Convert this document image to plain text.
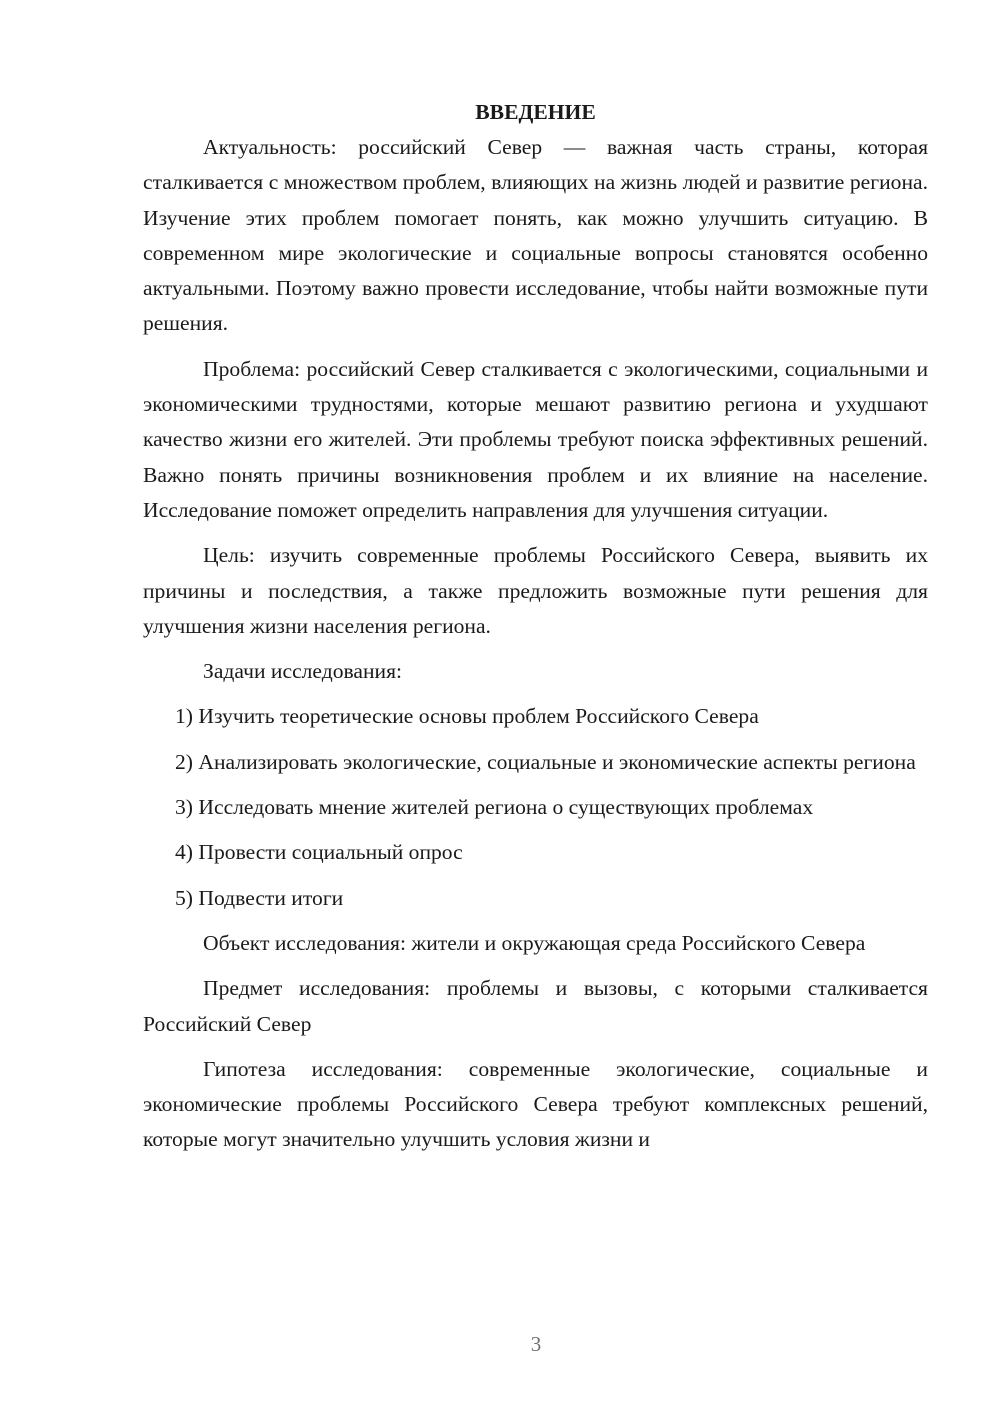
ВВЕДЕНИЕ

Актуальность: российский Север — важная часть страны, которая сталкивается с множеством проблем, влияющих на жизнь людей и развитие региона. Изучение этих проблем помогает понять, как можно улучшить ситуацию. В современном мире экологические и социальные вопросы становятся особенно актуальными. Поэтому важно провести исследование, чтобы найти возможные пути решения.

Проблема: российский Север сталкивается с экологическими, социальными и экономическими трудностями, которые мешают развитию региона и ухудшают качество жизни его жителей. Эти проблемы требуют поиска эффективных решений. Важно понять причины возникновения проблем и их влияние на население. Исследование поможет определить направления для улучшения ситуации.

Цель: изучить современные проблемы Российского Севера, выявить их причины и последствия, а также предложить возможные пути решения для улучшения жизни населения региона.

Задачи исследования:

1) Изучить теоретические основы проблем Российского Севера

2) Анализировать экологические, социальные и экономические аспекты региона

3) Исследовать мнение жителей региона о существующих проблемах

4) Провести социальный опрос

5) Подвести итоги

Объект исследования: жители и окружающая среда Российского Севера

Предмет исследования: проблемы и вызовы, с которыми сталкивается Российский Север

Гипотеза исследования: современные экологические, социальные и экономические проблемы Российского Севера требуют комплексных решений, которые могут значительно улучшить условия жизни и

3
